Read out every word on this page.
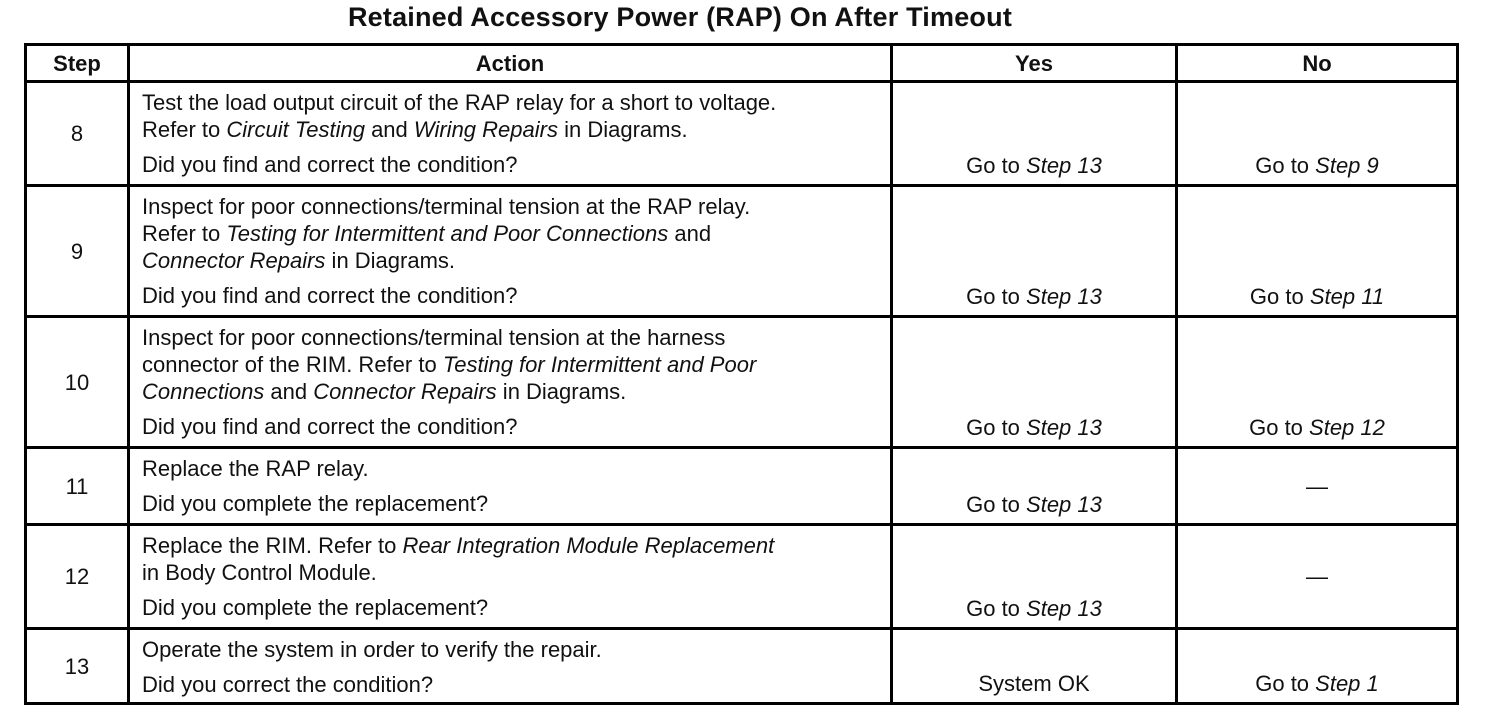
Retained Accessory Power (RAP) On After Timeout
Step	Action	Yes	No
8	Test the load output circuit of the RAP relay for a short to voltage.
Refer to Circuit Testing and Wiring Repairs in Diagrams.
Did you find and correct the condition?	Go to Step 13	Go to Step 9
9	Inspect for poor connections/terminal tension at the RAP relay.
Refer to Testing for Intermittent and Poor Connections and
Connector Repairs in Diagrams.
Did you find and correct the condition?	Go to Step 13	Go to Step 11
10	Inspect for poor connections/terminal tension at the harness
connector of the RIM. Refer to Testing for Intermittent and Poor
Connections and Connector Repairs in Diagrams.
Did you find and correct the condition?	Go to Step 13	Go to Step 12
11	Replace the RAP relay.
Did you complete the replacement?	Go to Step 13	—
12	Replace the RIM. Refer to Rear Integration Module Replacement
in Body Control Module.
Did you complete the replacement?	Go to Step 13	—
13	Operate the system in order to verify the repair.
Did you correct the condition?	System OK	Go to Step 1
